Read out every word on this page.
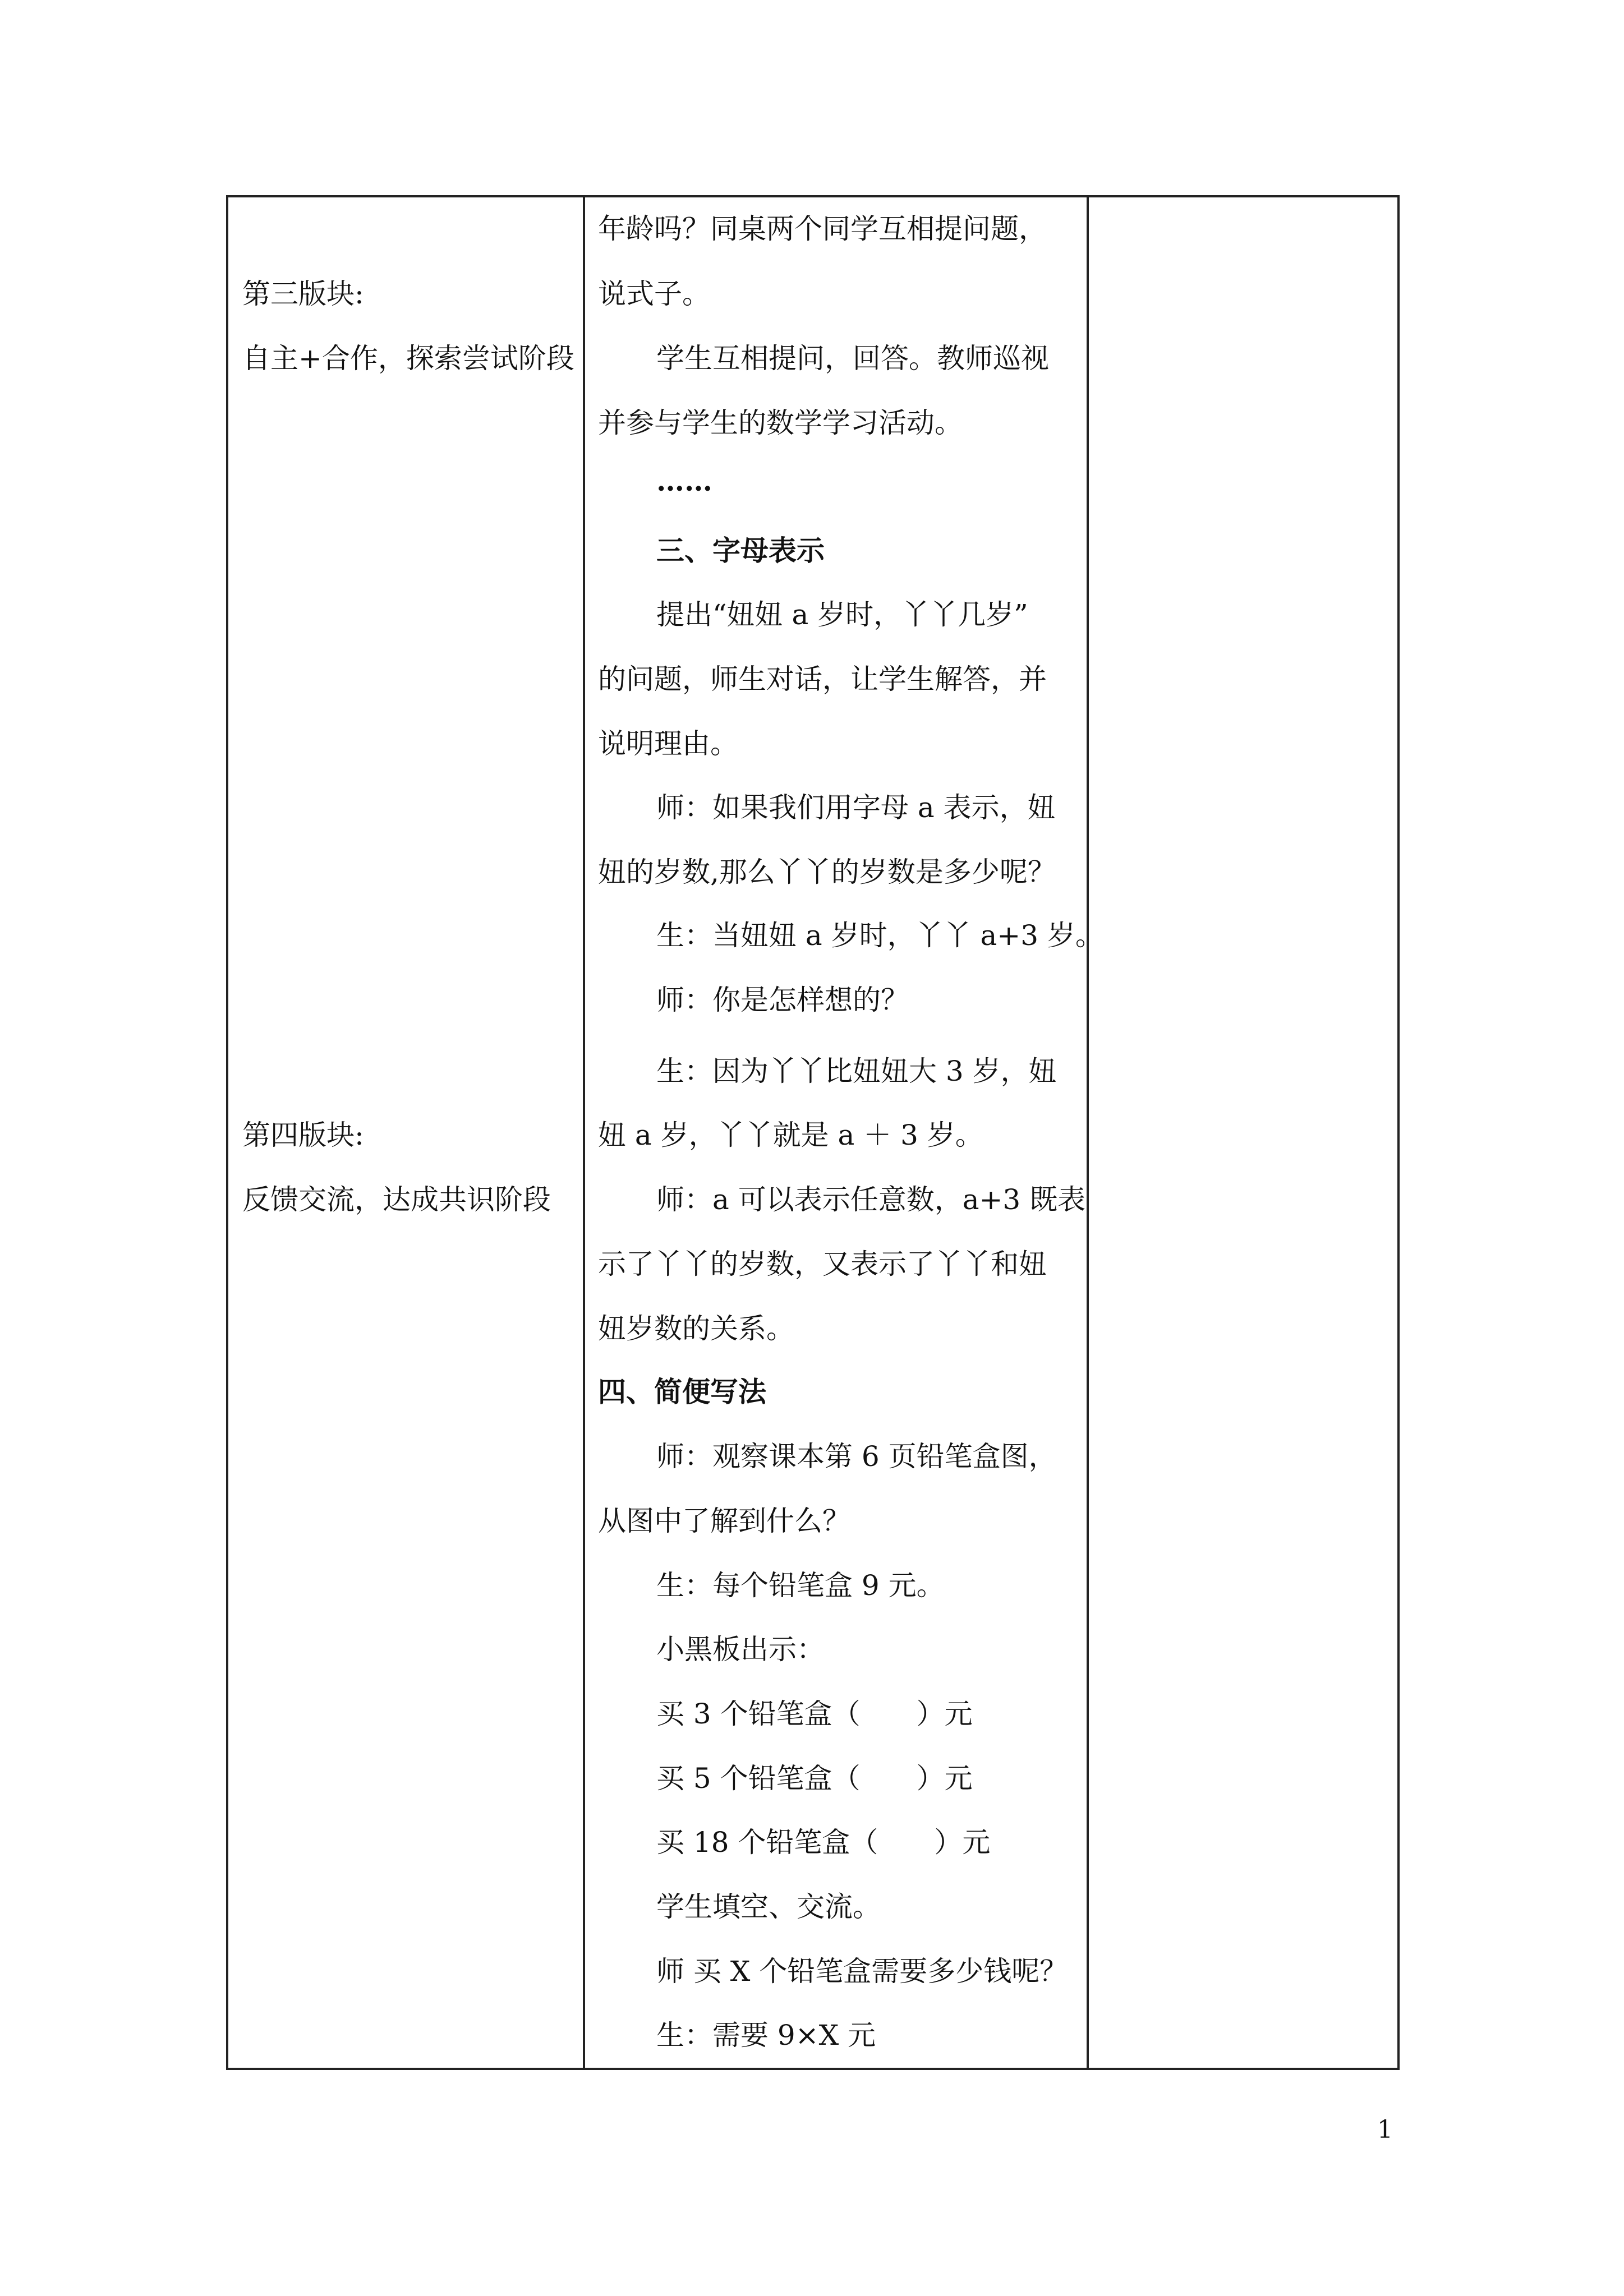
第三版块:
自主+合作，探索尝试阶段
第四版块:
反馈交流，达成共识阶段
年龄吗？同桌两个同学互相提问题，
说式子。
学生互相提问，回答。教师巡视
并参与学生的数学学习活动。
……
三、字母表示
提出“妞妞 a 岁时，丫丫几岁”
的问题，师生对话，让学生解答，并
说明理由。
师：如果我们用字母 a 表示，妞
妞的岁数,那么丫丫的岁数是多少呢？
生：当妞妞 a 岁时，丫丫 a+3 岁。
师：你是怎样想的？
生：因为丫丫比妞妞大 3 岁，妞
妞 a 岁，丫丫就是 a ＋ 3 岁。
师：a 可以表示任意数，a+3 既表
示了丫丫的岁数，又表示了丫丫和妞
妞岁数的关系。
四、简便写法
师：观察课本第 6 页铅笔盒图，
从图中了解到什么？
生：每个铅笔盒 9 元。
小黑板出示：
买 3 个铅笔盒（　　）元
买 5 个铅笔盒（　　）元
买 18 个铅笔盒（　　）元
学生填空、交流。
师 买 X 个铅笔盒需要多少钱呢？
生：需要 9×X 元
1
